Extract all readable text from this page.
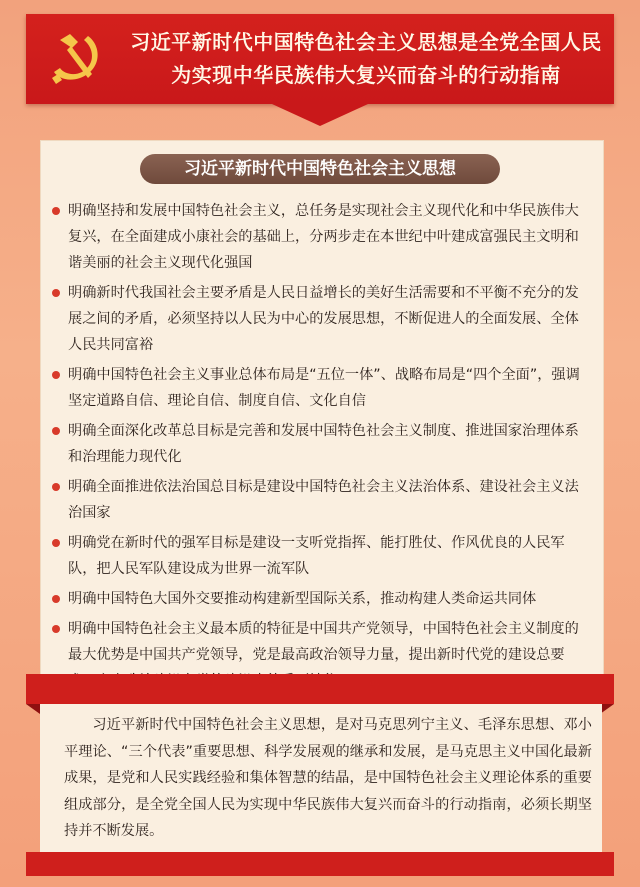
习近平新时代中国特色社会主义思想是全党全国人民
为实现中华民族伟大复兴而奋斗的行动指南
习近平新时代中国特色社会主义思想
明确坚持和发展中国特色社会主义，总任务是实现社会主义现代化和中华民族伟大复兴，在全面建成小康社会的基础上，分两步走在本世纪中叶建成富强民主文明和谐美丽的社会主义现代化强国
明确新时代我国社会主要矛盾是人民日益增长的美好生活需要和不平衡不充分的发展之间的矛盾，必须坚持以人民为中心的发展思想，不断促进人的全面发展、全体人民共同富裕
明确中国特色社会主义事业总体布局是“五位一体”、战略布局是“四个全面”，强调坚定道路自信、理论自信、制度自信、文化自信
明确全面深化改革总目标是完善和发展中国特色社会主义制度、推进国家治理体系和治理能力现代化
明确全面推进依法治国总目标是建设中国特色社会主义法治体系、建设社会主义法治国家
明确党在新时代的强军目标是建设一支听党指挥、能打胜仗、作风优良的人民军队，把人民军队建设成为世界一流军队
明确中国特色大国外交要推动构建新型国际关系，推动构建人类命运共同体
明确中国特色社会主义最本质的特征是中国共产党领导，中国特色社会主义制度的最大优势是中国共产党领导，党是最高政治领导力量，提出新时代党的建设总要
习近平新时代中国特色社会主义思想，是对马克思列宁主义、毛泽东思想、邓小平理论、“三个代表”重要思想、科学发展观的继承和发展，是马克思主义中国化最新成果，是党和人民实践经验和集体智慧的结晶，是中国特色社会主义理论体系的重要组成部分，是全党全国人民为实现中华民族伟大复兴而奋斗的行动指南，必须长期坚持并不断发展。
